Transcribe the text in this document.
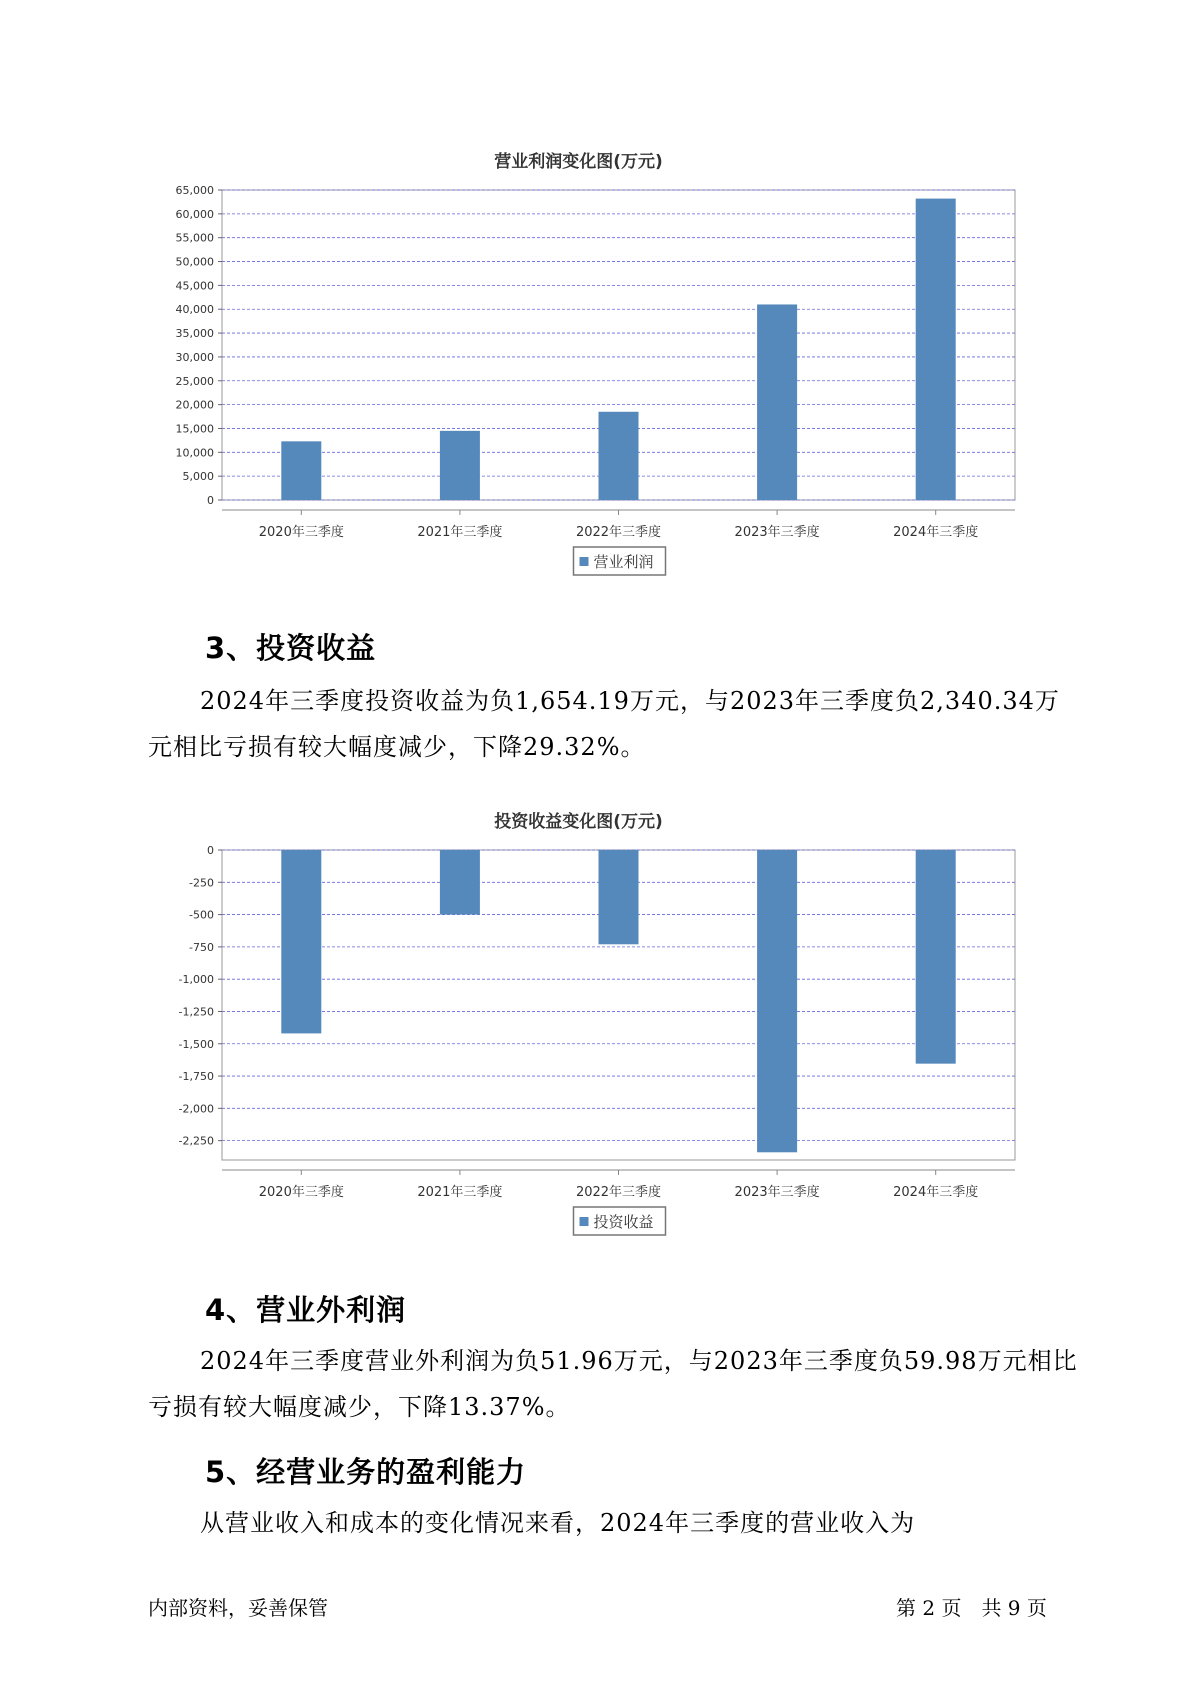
营业利润变化图(万元)
0
5,000
10,000
15,000
20,000
25,000
30,000
35,000
40,000
45,000
50,000
55,000
60,000
65,000
2020年三季度	2021年三季度	2022年三季度	2023年三季度	2024年三季度
营业利润
3、投资收益

2024年三季度投资收益为负1,654.19万元，与2023年三季度负2,340.34万元相比亏损有较大幅度减少，下降29.32%。

投资收益变化图(万元)
0
-250
-500
-750
-1,000
-1,250
-1,500
-1,750
-2,000
-2,250
2020年三季度	2021年三季度	2022年三季度	2023年三季度	2024年三季度
投资收益
4、营业外利润

2024年三季度营业外利润为负51.96万元，与2023年三季度负59.98万元相比亏损有较大幅度减少，下降13.37%。

5、经营业务的盈利能力

从营业收入和成本的变化情况来看，2024年三季度的营业收入为

内部资料，妥善保管	第 2 页　共 9 页
